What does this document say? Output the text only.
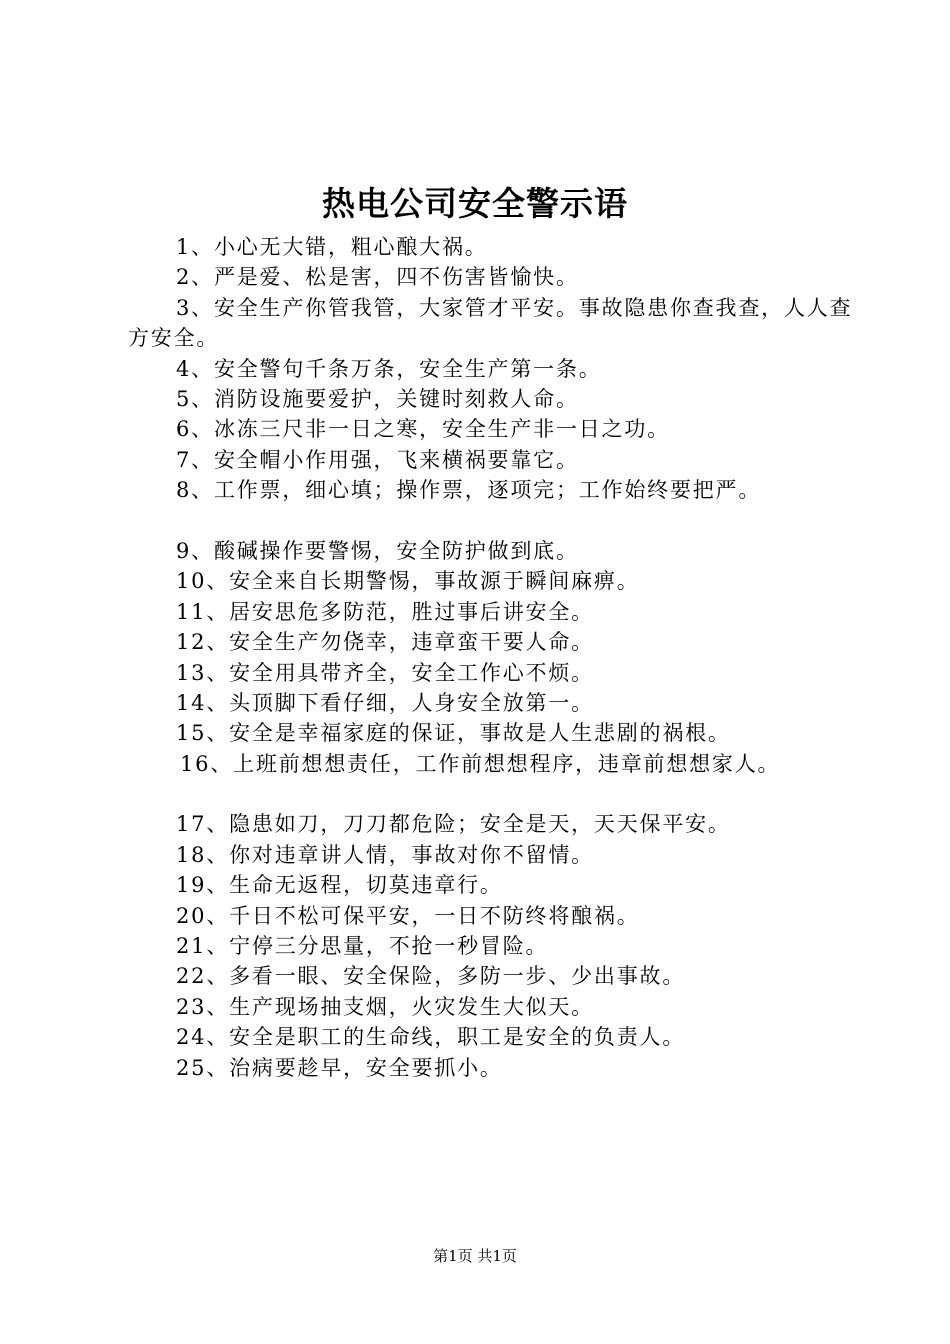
热电公司安全警示语
1、小心无大错，粗心酿大祸。
2、严是爱、松是害，四不伤害皆愉快。
3、安全生产你管我管，大家管才平安。事故隐患你查我查，人人查方安全。
4、安全警句千条万条，安全生产第一条。
5、消防设施要爱护，关键时刻救人命。
6、冰冻三尺非一日之寒，安全生产非一日之功。
7、安全帽小作用强，飞来横祸要靠它。
8、工作票，细心填；操作票，逐项完；工作始终要把严。
9、酸碱操作要警惕，安全防护做到底。
10、安全来自长期警惕，事故源于瞬间麻痹。
11、居安思危多防范，胜过事后讲安全。
12、安全生产勿侥幸，违章蛮干要人命。
13、安全用具带齐全，安全工作心不烦。
14、头顶脚下看仔细，人身安全放第一。
15、安全是幸福家庭的保证，事故是人生悲剧的祸根。
16、上班前想想责任，工作前想想程序，违章前想想家人。
17、隐患如刀，刀刀都危险；安全是天，天天保平安。
18、你对违章讲人情，事故对你不留情。
19、生命无返程，切莫违章行。
20、千日不松可保平安，一日不防终将酿祸。
21、宁停三分思量，不抢一秒冒险。
22、多看一眼、安全保险，多防一步、少出事故。
23、生产现场抽支烟，火灾发生大似天。
24、安全是职工的生命线，职工是安全的负责人。
25、治病要趁早，安全要抓小。
第1页 共1页
